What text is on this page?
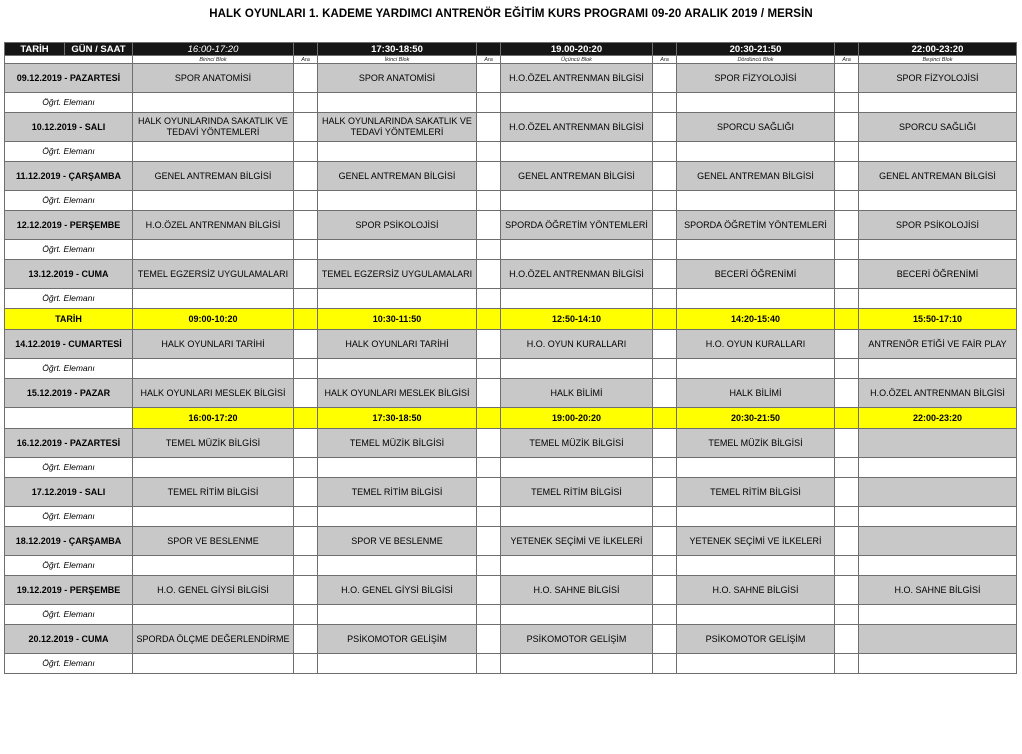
HALK OYUNLARI 1. KADEME YARDIMCI ANTRENÖR EĞİTİM KURS PROGRAMI 09-20 ARALIK 2019 / MERSİN
TARİH	GÜN / SAAT	16:00-17:20		17:30-18:50		19.00-20:20		20:30-21:50		22:00-23:20
		Birinci Blok	Ara	İkinci Blok	Ara	Üçüncü Blok	Ara	Dördüncü Blok	Ara	Beşinci Blok
09.12.2019 - PAZARTESİ		SPOR ANATOMİSİ		SPOR ANATOMİSİ		H.O.ÖZEL ANTRENMAN BİLGİSİ		SPOR FİZYOLOJİSİ		SPOR FİZYOLOJİSİ
Öğrt. Elemanı										
10.12.2019 - SALI		HALK OYUNLARINDA SAKATLIK VE TEDAVİ YÖNTEMLERİ		HALK OYUNLARINDA SAKATLIK VE TEDAVİ YÖNTEMLERİ		H.O.ÖZEL ANTRENMAN BİLGİSİ		SPORCU SAĞLIĞI		SPORCU SAĞLIĞI
Öğrt. Elemanı										
11.12.2019 - ÇARŞAMBA		GENEL ANTREMAN BİLGİSİ		GENEL ANTREMAN BİLGİSİ		GENEL ANTREMAN BİLGİSİ		GENEL ANTREMAN BİLGİSİ		GENEL ANTREMAN BİLGİSİ
Öğrt. Elemanı										
12.12.2019 - PERŞEMBE		H.O.ÖZEL ANTRENMAN BİLGİSİ		SPOR PSİKOLOJİSİ		SPORDA ÖĞRETİM YÖNTEMLERİ		SPORDA ÖĞRETİM YÖNTEMLERİ		SPOR PSİKOLOJİSİ
Öğrt. Elemanı										
13.12.2019 - CUMA		TEMEL EGZERSİZ UYGULAMALARI		TEMEL EGZERSİZ UYGULAMALARI		H.O.ÖZEL ANTRENMAN BİLGİSİ		BECERİ ÖĞRENİMİ		BECERİ ÖĞRENİMİ
Öğrt. Elemanı										
TARİH		09:00-10:20		10:30-11:50		12:50-14:10		14:20-15:40		15:50-17:10
14.12.2019 - CUMARTESİ		HALK OYUNLARI TARİHİ		HALK OYUNLARI TARİHİ		H.O. OYUN KURALLARI		H.O. OYUN KURALLARI		ANTRENÖR ETİĞİ VE FAİR PLAY
Öğrt. Elemanı										
15.12.2019 - PAZAR		HALK OYUNLARI MESLEK BİLGİSİ		HALK OYUNLARI MESLEK BİLGİSİ		HALK BİLİMİ		HALK BİLİMİ		H.O.ÖZEL ANTRENMAN BİLGİSİ
		16:00-17:20		17:30-18:50		19:00-20:20		20:30-21:50		22:00-23:20
16.12.2019 - PAZARTESİ		TEMEL MÜZİK BİLGİSİ		TEMEL MÜZİK BİLGİSİ		TEMEL MÜZİK BİLGİSİ		TEMEL MÜZİK BİLGİSİ		
Öğrt. Elemanı										
17.12.2019 - SALI		TEMEL RİTİM BİLGİSİ		TEMEL RİTİM BİLGİSİ		TEMEL RİTİM BİLGİSİ		TEMEL RİTİM BİLGİSİ		
Öğrt. Elemanı										
18.12.2019 - ÇARŞAMBA		SPOR VE BESLENME		SPOR VE BESLENME		YETENEK SEÇİMİ VE İLKELERİ		YETENEK SEÇİMİ VE İLKELERİ		
Öğrt. Elemanı										
19.12.2019 - PERŞEMBE		H.O. GENEL GİYSİ BİLGİSİ		H.O. GENEL GİYSİ BİLGİSİ		H.O. SAHNE BİLGİSİ		H.O. SAHNE BİLGİSİ		H.O. SAHNE BİLGİSİ
Öğrt. Elemanı										
20.12.2019 - CUMA		SPORDA ÖLÇME DEĞERLENDİRME		PSİKOMOTOR GELİŞİM		PSİKOMOTOR GELİŞİM		PSİKOMOTOR GELİŞİM		
Öğrt. Elemanı										
